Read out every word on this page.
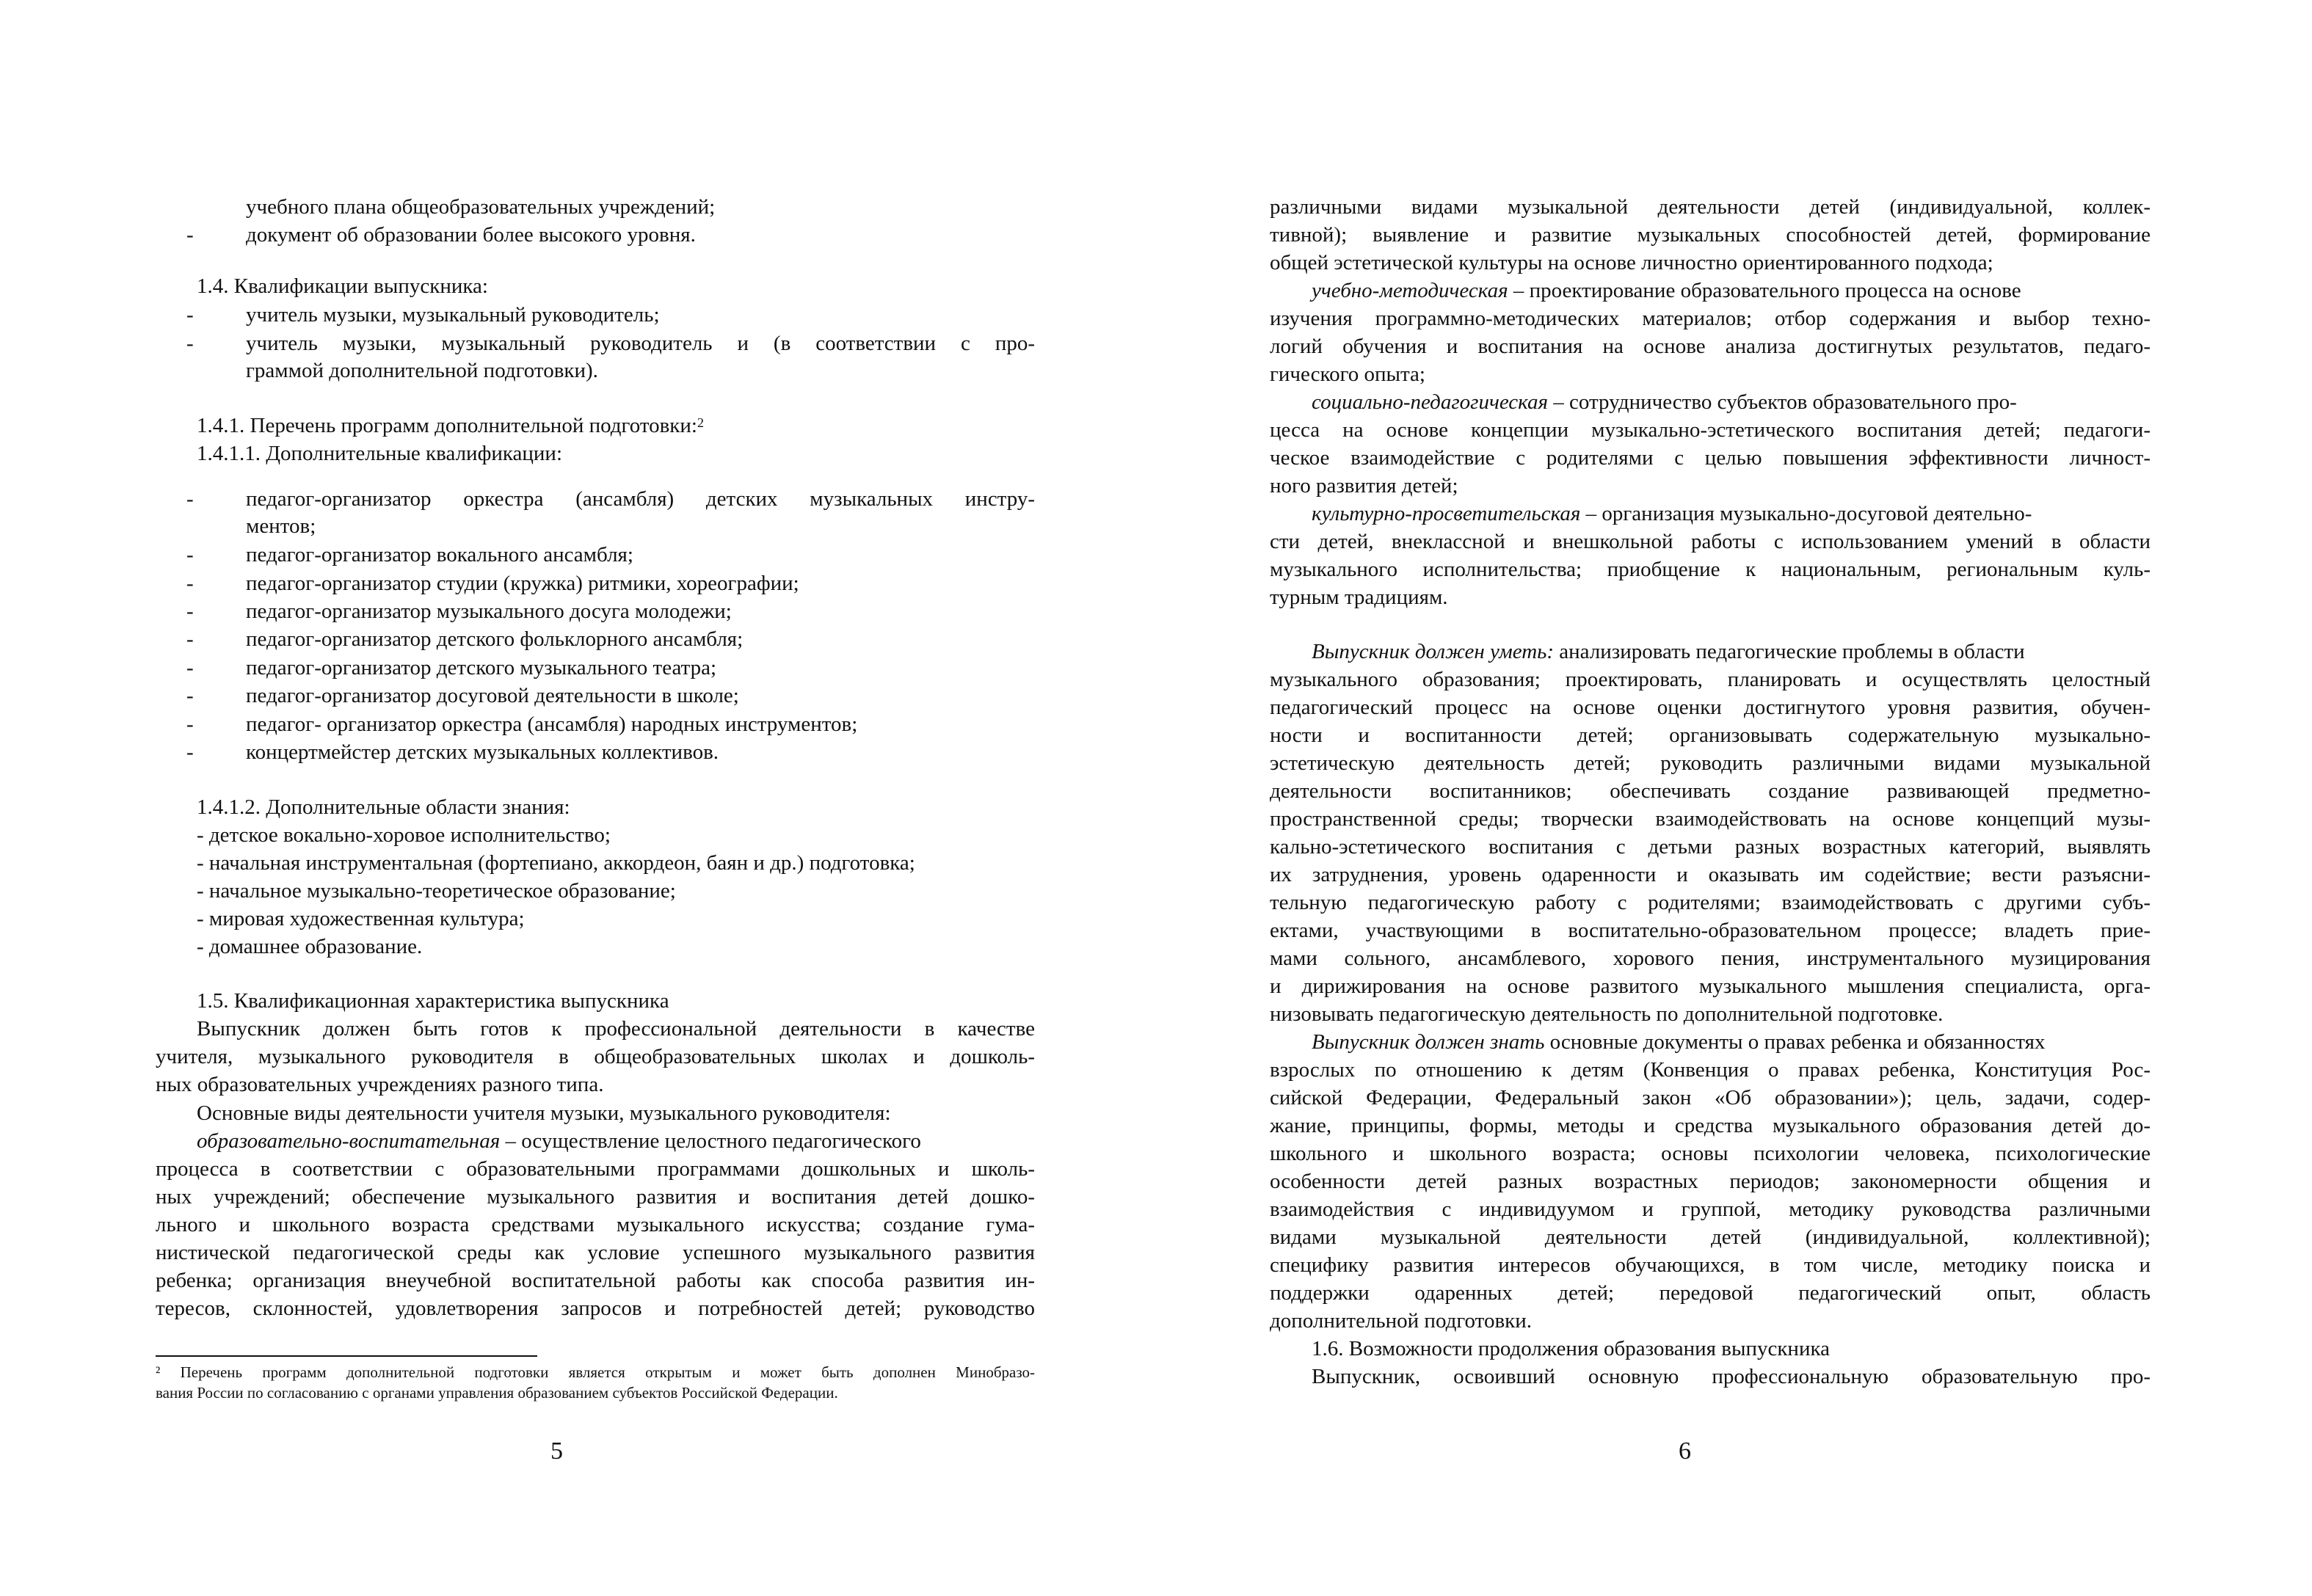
учебного плана общеобразовательных учреждений;
- документ об образовании более высокого уровня.
1.4. Квалификации выпускника:
- учитель музыки, музыкальный руководитель;
- учитель музыки, музыкальный руководитель и (в соответствии с про-
граммой дополнительной подготовки).
1.4.1. Перечень программ дополнительной подготовки:$^2$
1.4.1.1. Дополнительные квалификации:
- педагог-организатор оркестра (ансамбля) детских музыкальных инстру-
ментов;
- педагог-организатор вокального ансамбля;
- педагог-организатор студии (кружка) ритмики, хореографии;
- педагог-организатор музыкального досуга молодежи;
- педагог-организатор детского фольклорного ансамбля;
- педагог-организатор детского музыкального театра;
- педагог-организатор досуговой деятельности в школе;
- педагог- организатор оркестра (ансамбля) народных инструментов;
- концертмейстер детских музыкальных коллективов.
1.4.1.2. Дополнительные области знания:
- детское вокально-хоровое исполнительство;
- начальная инструментальная (фортепиано, аккордеон, баян и др.) подготовка;
- начальное музыкально-теоретическое образование;
- мировая художественная культура;
- домашнее образование.
1.5. Квалификационная характеристика выпускника
Выпускник должен быть готов к профессиональной деятельности в качестве
учителя, музыкального руководителя в общеобразовательных школах и дошколь-
ных образовательных учреждениях разного типа.
Основные виды деятельности учителя музыки, музыкального руководителя:
образовательно-воспитательная – осуществление целостного педагогического
процесса в соответствии с образовательными программами дошкольных и школь-
ных учреждений; обеспечение музыкального развития и воспитания детей дошко-
льного и школьного возраста средствами музыкального искусства; создание гума-
нистической педагогической среды как условие успешного музыкального развития
ребенка; организация внеучебной воспитательной работы как способа развития ин-
тересов, склонностей, удовлетворения запросов и потребностей детей; руководство
² Перечень программ дополнительной подготовки является открытым и может быть дополнен Минобразо-
вания России по согласованию с органами управления образованием субъектов Российской Федерации.
5
различными видами музыкальной деятельности детей (индивидуальной, коллек-
тивной); выявление и развитие музыкальных способностей детей, формирование
общей эстетической культуры на основе личностно ориентированного подхода;
учебно-методическая – проектирование образовательного процесса на основе
изучения программно-методических материалов; отбор содержания и выбор техно-
логий обучения и воспитания на основе анализа достигнутых результатов, педаго-
гического опыта;
социально-педагогическая – сотрудничество субъектов образовательного про-
цесса на основе концепции музыкально-эстетического воспитания детей; педагоги-
ческое взаимодействие с родителями с целью повышения эффективности личност-
ного развития детей;
культурно-просветительская – организация музыкально-досуговой деятельно-
сти детей, внеклассной и внешкольной работы с использованием умений в области
музыкального исполнительства; приобщение к национальным, региональным куль-
турным традициям.
Выпускник должен уметь: анализировать педагогические проблемы в области
музыкального образования; проектировать, планировать и осуществлять целостный
педагогический процесс на основе оценки достигнутого уровня развития, обучен-
ности и воспитанности детей; организовывать содержательную музыкально-
эстетическую деятельность детей; руководить различными видами музыкальной
деятельности воспитанников; обеспечивать создание развивающей предметно-
пространственной среды; творчески взаимодействовать на основе концепций музы-
кально-эстетического воспитания с детьми разных возрастных категорий, выявлять
их затруднения, уровень одаренности и оказывать им содействие; вести разъясни-
тельную педагогическую работу с родителями; взаимодействовать с другими субъ-
ектами, участвующими в воспитательно-образовательном процессе; владеть прие-
мами сольного, ансамблевого, хорового пения, инструментального музицирования
и дирижирования на основе развитого музыкального мышления специалиста, орга-
низовывать педагогическую деятельность по дополнительной подготовке.
Выпускник должен знать основные документы о правах ребенка и обязанностях
взрослых по отношению к детям (Конвенция о правах ребенка, Конституция Рос-
сийской Федерации, Федеральный закон «Об образовании»); цель, задачи, содер-
жание, принципы, формы, методы и средства музыкального образования детей до-
школьного и школьного возраста; основы психологии человека, психологические
особенности детей разных возрастных периодов; закономерности общения и
взаимодействия с индивидуумом и группой, методику руководства различными
видами музыкальной деятельности детей (индивидуальной, коллективной);
специфику развития интересов обучающихся, в том числе, методику поиска и
поддержки одаренных детей; передовой педагогический опыт, область
дополнительной подготовки.
1.6. Возможности продолжения образования выпускника
Выпускник, освоивший основную профессиональную образовательную про-
6
